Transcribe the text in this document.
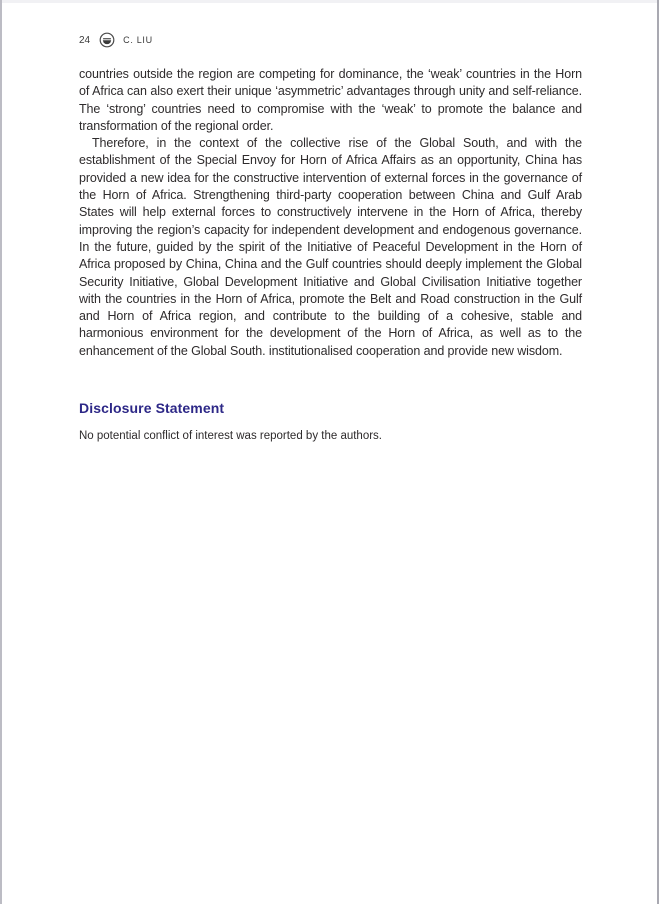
24	C. LIU

countries outside the region are competing for dominance, the ‘weak’ countries in the Horn of Africa can also exert their unique ‘asymmetric’ advantages through unity and self-reliance. The ‘strong’ countries need to compromise with the ‘weak’ to promote the balance and transformation of the regional order.

Therefore, in the context of the collective rise of the Global South, and with the establishment of the Special Envoy for Horn of Africa Affairs as an opportunity, China has provided a new idea for the constructive intervention of external forces in the governance of the Horn of Africa. Strengthening third-party cooperation between China and Gulf Arab States will help external forces to constructively intervene in the Horn of Africa, thereby improving the region’s capacity for independent development and endogenous governance. In the future, guided by the spirit of the Initiative of Peaceful Development in the Horn of Africa proposed by China, China and the Gulf countries should deeply implement the Global Security Initiative, Global Development Initiative and Global Civilisation Initiative together with the countries in the Horn of Africa, promote the Belt and Road construction in the Gulf and Horn of Africa region, and contribute to the building of a cohesive, stable and harmonious environment for the development of the Horn of Africa, as well as to the enhancement of the Global South. institutionalised cooperation and provide new wisdom.

Disclosure Statement

No potential conflict of interest was reported by the authors.
